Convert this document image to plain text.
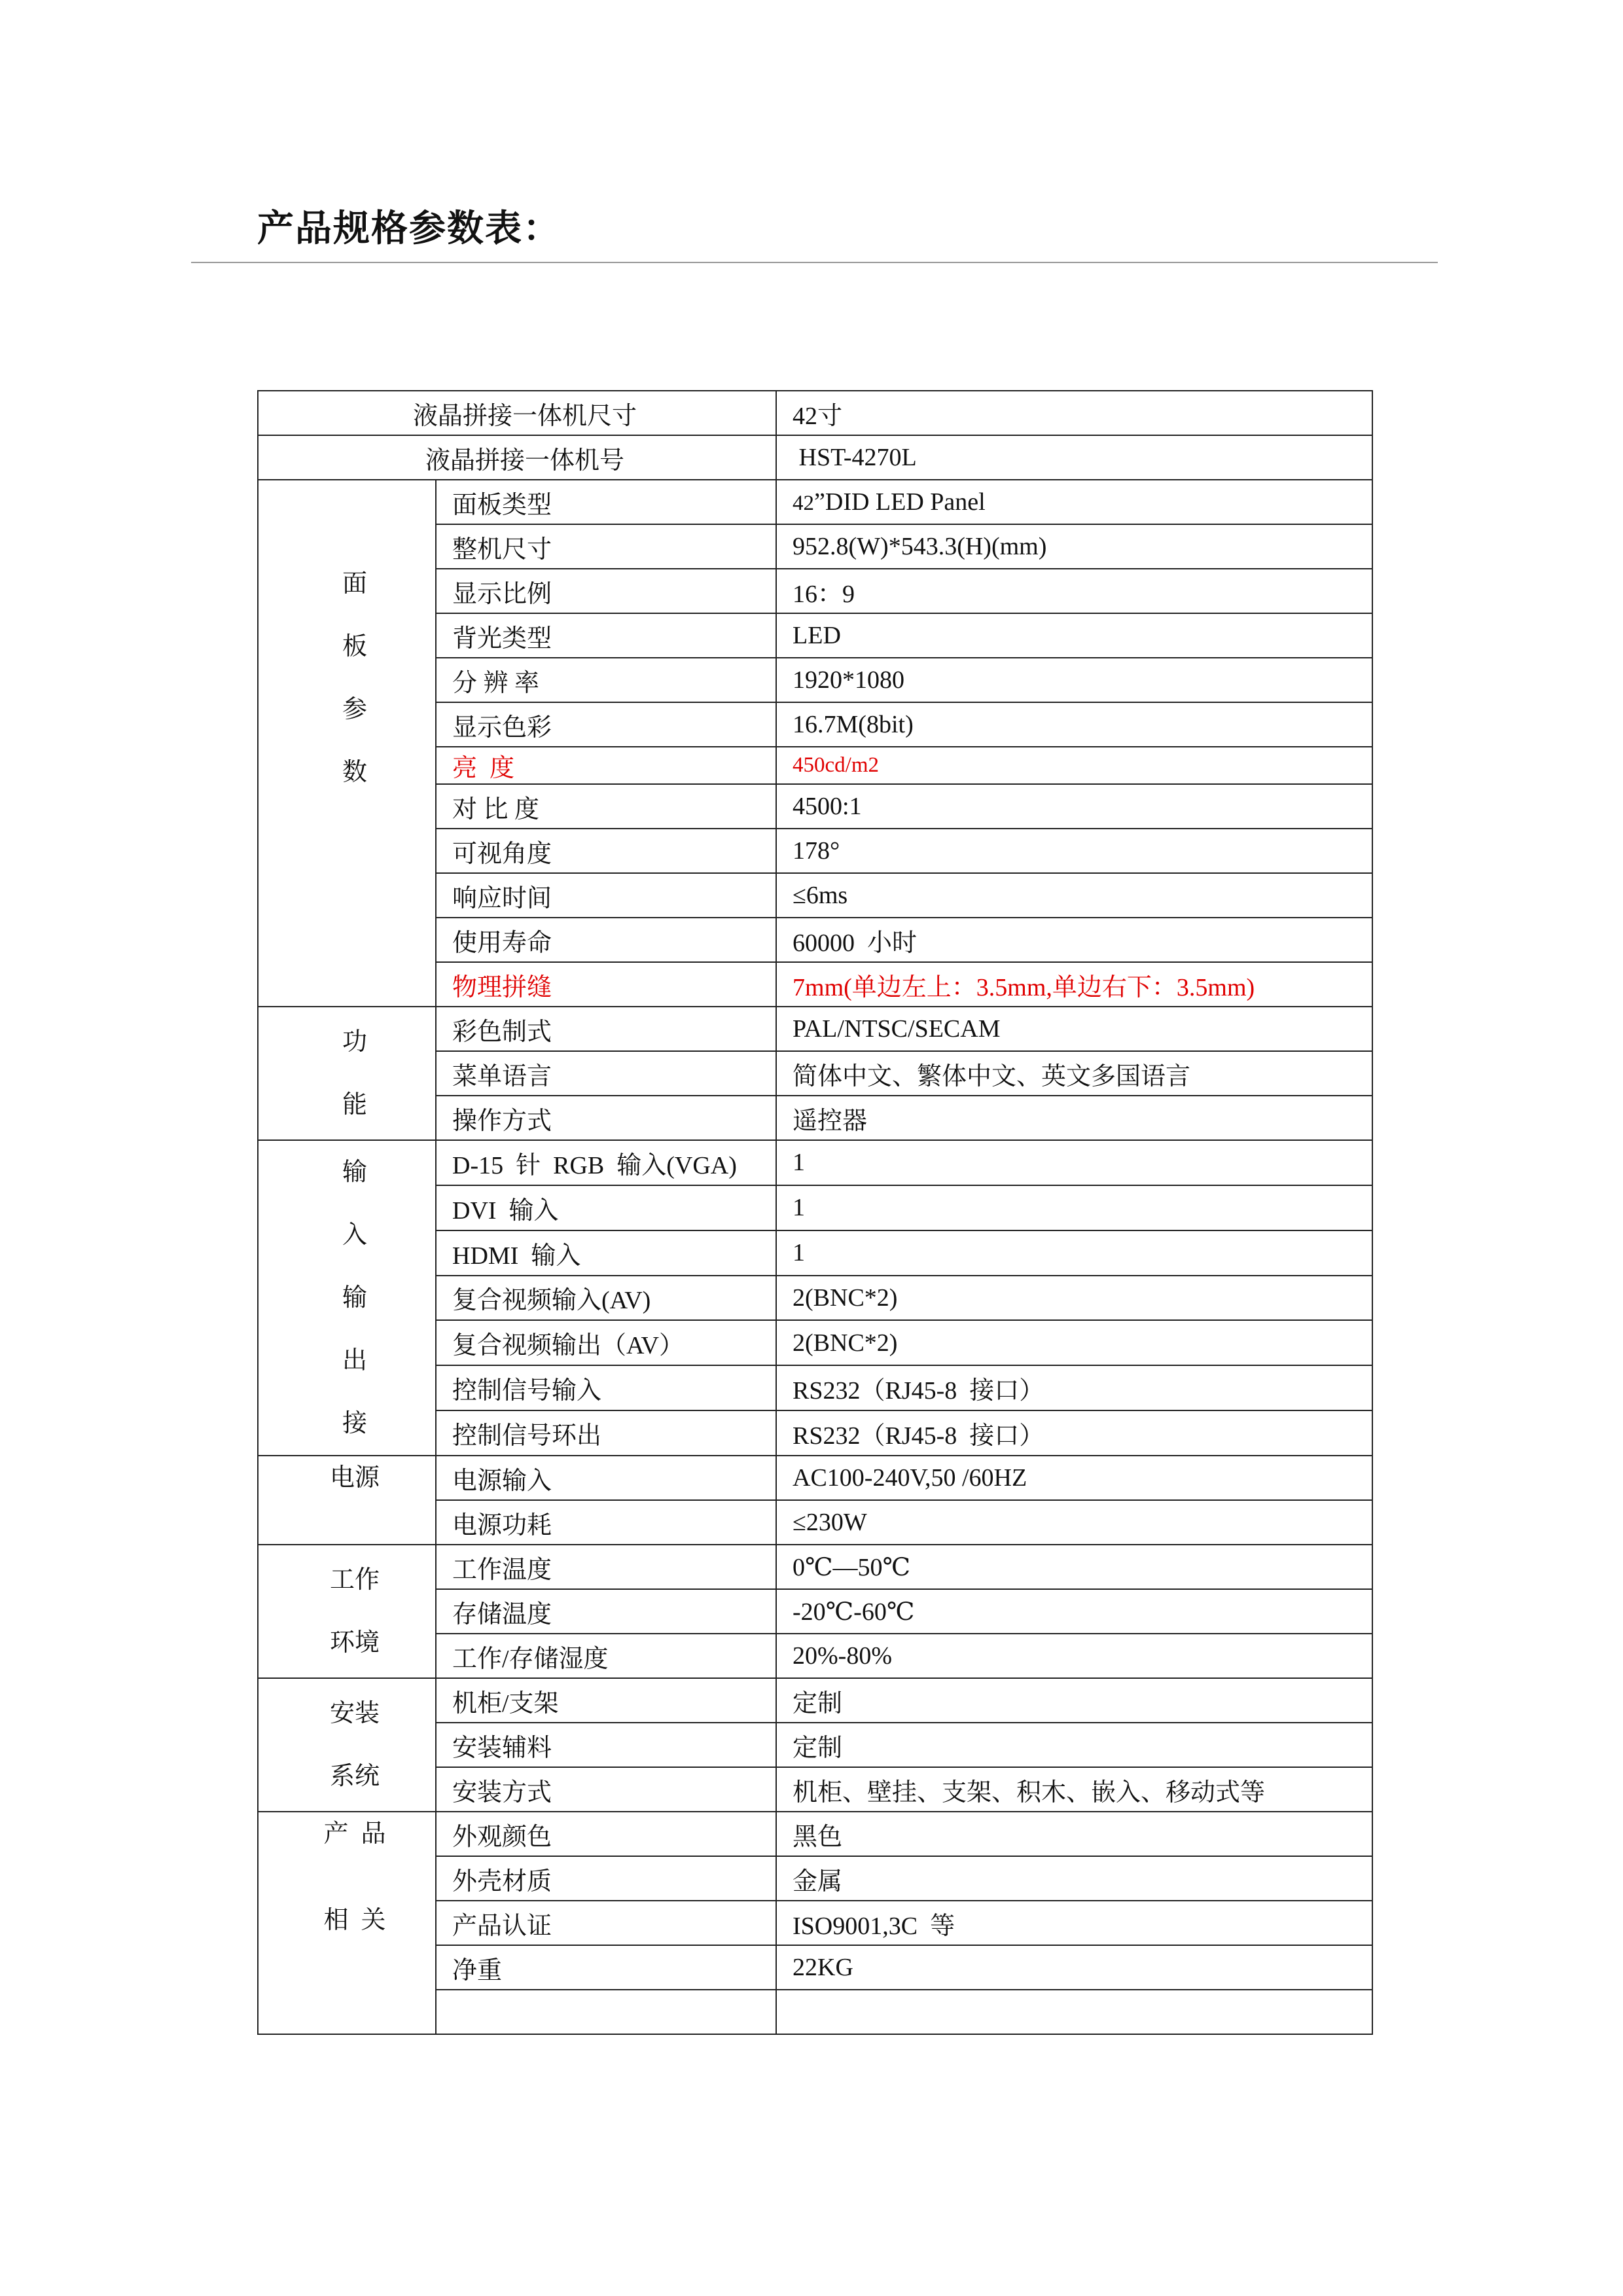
产品规格参数表：
液晶拼接一体机尺寸		42寸
液晶拼接一体机号		HST-4270L

面
板
参
数	面板类型	42”DID LED Panel
	整机尺寸	952.8(W)*543.3(H)(mm)
	显示比例	16：9
	背光类型	LED
	分 辨 率	1920*1080
	显示色彩	16.7M(8bit)
	亮  度	450cd/m2
	对 比 度	4500:1
	可视角度	178°
	响应时间	≤6ms
	使用寿命	60000  小时
	物理拼缝	7mm(单边左上：3.5mm,单边右下：3.5mm)

功
能	彩色制式	PAL/NTSC/SECAM
	菜单语言	简体中文、繁体中文、英文多国语言
	操作方式	遥控器

输
入
输
出
接	D-15  针  RGB  输入(VGA)	1
	DVI  输入	1
	HDMI  输入	1
	复合视频输入(AV)	2(BNC*2)
	复合视频输出（AV）	2(BNC*2)
	控制信号输入	RS232（RJ45-8  接口）
	控制信号环出	RS232（RJ45-8  接口）

电源	电源输入	AC100-240V,50 /60HZ
	电源功耗	≤230W

工作
环境	工作温度	0℃—50℃
	存储温度	-20℃-60℃
	工作/存储湿度	20%-80%

安装
系统	机柜/支架	定制
	安装辅料	定制
	安装方式	机柜、壁挂、支架、积木、嵌入、移动式等

产  品
相  关	外观颜色	黑色
	外壳材质	金属
	产品认证	ISO9001,3C  等
	净重	22KG
